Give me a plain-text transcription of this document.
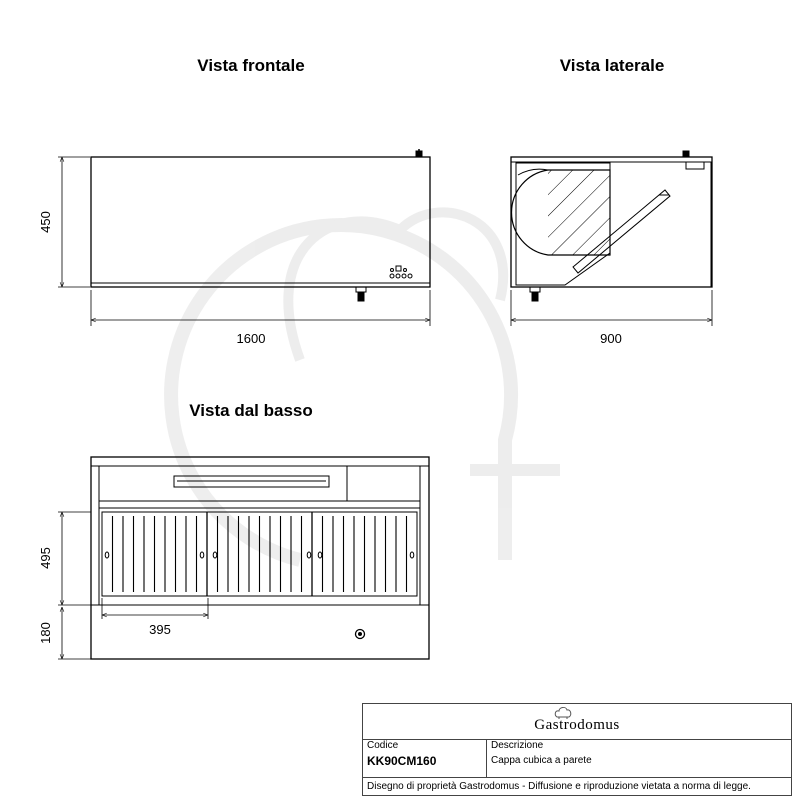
Vista frontale	Vista laterale
Vista dal basso
450
1600	900
495
180	395
Gastrodomus
Codice
KK90CM160
Descrizione
Cappa cubica a parete
Disegno di proprietà Gastrodomus - Diffusione e riproduzione vietata a norma di legge.
